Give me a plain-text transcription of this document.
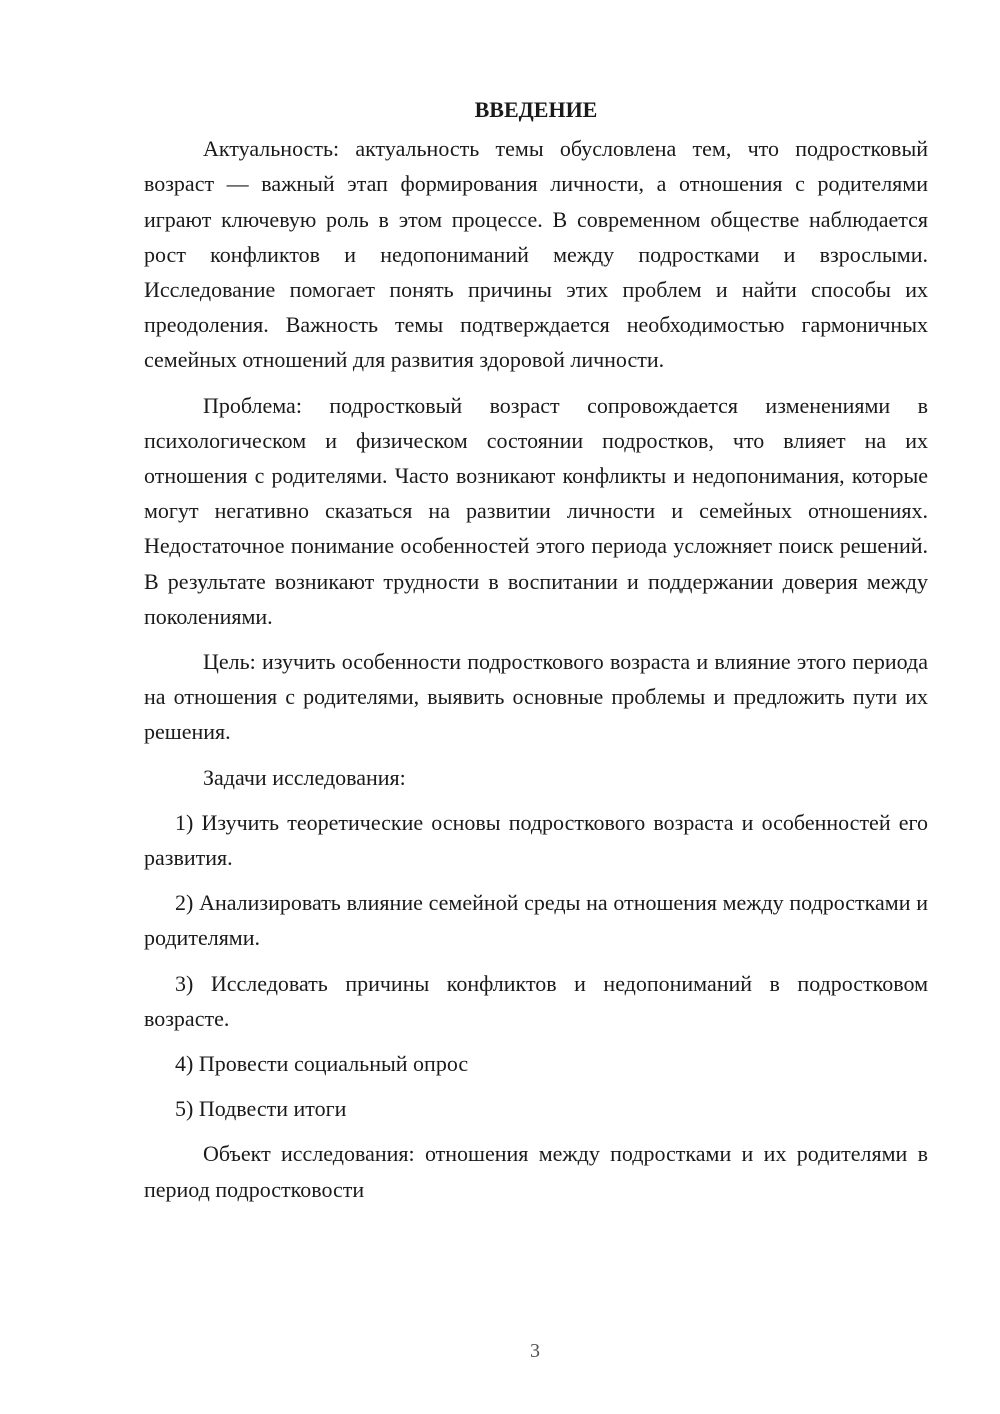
ВВЕДЕНИЕ

Актуальность: актуальность темы обусловлена тем, что подростковый возраст — важный этап формирования личности, а отношения с родителями играют ключевую роль в этом процессе. В современном обществе наблюдается рост конфликтов и недопониманий между подростками и взрослыми. Исследование помогает понять причины этих проблем и найти способы их преодоления. Важность темы подтверждается необходимостью гармоничных семейных отношений для развития здоровой личности.

Проблема: подростковый возраст сопровождается изменениями в психологическом и физическом состоянии подростков, что влияет на их отношения с родителями. Часто возникают конфликты и недопонимания, которые могут негативно сказаться на развитии личности и семейных отношениях. Недостаточное понимание особенностей этого периода усложняет поиск решений. В результате возникают трудности в воспитании и поддержании доверия между поколениями.

Цель: изучить особенности подросткового возраста и влияние этого периода на отношения с родителями, выявить основные проблемы и предложить пути их решения.

Задачи исследования:

1) Изучить теоретические основы подросткового возраста и особенностей его развития.

2) Анализировать влияние семейной среды на отношения между подростками и родителями.

3) Исследовать причины конфликтов и недопониманий в подростковом возрасте.

4) Провести социальный опрос

5) Подвести итоги

Объект исследования: отношения между подростками и их родителями в период подростковости

3
